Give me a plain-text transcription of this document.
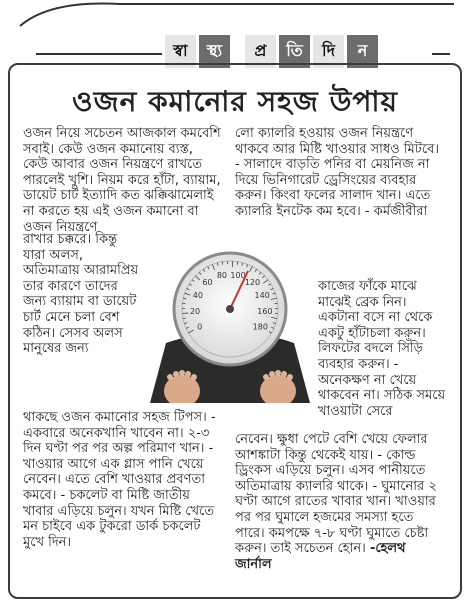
স্বা	স্থ্য	প্র	তি	দি	ন
ওজন কমানোর সহজ উপায়
ওজন নিয়ে সচেতন আজকাল কমবেশি সবাই। কেউ ওজন কমানোয় ব্যস্ত, কেউ আবার ওজন নিয়ন্ত্রণে রাখতে পারলেই খুশি। নিয়ম করে হাঁটা, ব্যায়াম, ডায়েট চার্ট ইত্যাদি কত ঝক্কিঝামেলাই না করতে হয় এই ওজন কমানো বা ওজন নিয়ন্ত্রণে
রাখার চক্করে। কিন্তু যারা অলস, অতিমাত্রায় আরামপ্রিয় তার কারণে তাদের জন্য ব্যায়াম বা ডায়েট চার্ট মেনে চলা বেশ কঠিন। সেসব অলস মানুষের জন্য
থাকছে ওজন কমানোর সহজ টিপস। - একবারে অনেকখানি খাবেন না। ২-৩ দিন ঘণ্টা পর পর অল্প পরিমাণ খান। - খাওয়ার আগে এক গ্লাস পানি খেয়ে নেবেন। এতে বেশি খাওয়ার প্রবণতা কমবে। - চকলেট বা মিষ্টি জাতীয় খাবার এড়িয়ে চলুন। যখন মিষ্টি খেতে মন চাইবে এক টুকরো ডার্ক চকলেট মুখে দিন।
লো ক্যালরি হওয়ায় ওজন নিয়ন্ত্রণে থাকবে আর মিষ্টি খাওয়ার সাধও মিটবে। - সালাদে বাড়তি পনির বা মেয়নিজ না দিয়ে ভিনিগারেট ড্রেসিংয়ের ব্যবহার করুন। কিংবা ফলের সালাদ খান। এতে ক্যালরি ইনটেক কম হবে। - কর্মজীবীরা
কাজের ফাঁকে মাঝে মাঝেই ব্রেক নিন। একটানা বসে না থেকে একটু হাঁটাচলা করুন। লিফটের বদলে সিঁড়ি ব্যবহার করুন। - অনেকক্ষণ না খেয়ে থাকবেন না। সঠিক সময়ে খাওয়াটা সেরে
নেবেন। ক্ষুধা পেটে বেশি খেয়ে ফেলার আশঙ্কাটা কিন্তু থেকেই যায়। - কোল্ড ড্রিংকস এড়িয়ে চলুন। এসব পানীয়তে অতিমাত্রায় ক্যালরি থাকে। - ঘুমানোর ২ ঘণ্টা আগে রাতের খাবার খান। খাওয়ার পর পর ঘুমালে হজমের সমস্যা হতে পারে। কমপক্ষে ৭-৮ ঘণ্টা ঘুমাতে চেষ্টা করুন। তাই সচেতন হোন। -হেলথ জার্নাল
0
20
40
60
80 100
120
140
160
180
